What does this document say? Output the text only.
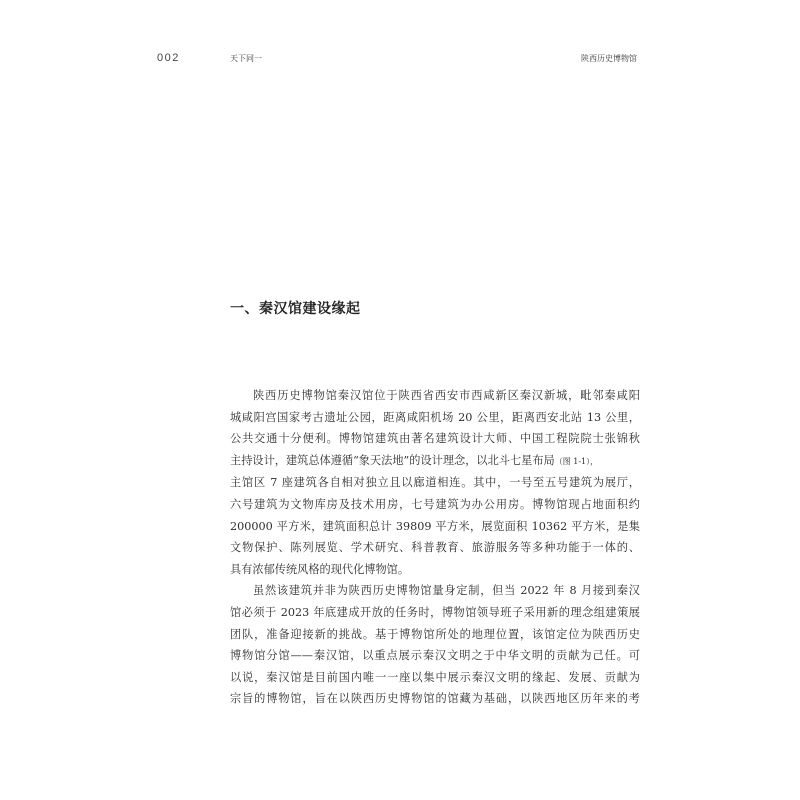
002	天下同一	陕西历史博物馆
一、秦汉馆建设缘起

陕西历史博物馆秦汉馆位于陕西省西安市西咸新区秦汉新城，毗邻秦咸阳
城咸阳宫国家考古遗址公园，距离咸阳机场 20 公里，距离西安北站 13 公里，
公共交通十分便利。博物馆建筑由著名建筑设计大师、中国工程院院士张锦秋
主持设计，建筑总体遵循“象天法地”的设计理念，以北斗七星布局（图 1-1），
主馆区 7 座建筑各自相对独立且以廊道相连。其中，一号至五号建筑为展厅，
六号建筑为文物库房及技术用房，七号建筑为办公用房。博物馆现占地面积约
200000 平方米，建筑面积总计 39809 平方米，展览面积 10362 平方米，是集
文物保护、陈列展览、学术研究、科普教育、旅游服务等多种功能于一体的、
具有浓郁传统风格的现代化博物馆。

虽然该建筑并非为陕西历史博物馆量身定制，但当 2022 年 8 月接到秦汉
馆必须于 2023 年底建成开放的任务时，博物馆领导班子采用新的理念组建策展
团队，准备迎接新的挑战。基于博物馆所处的地理位置，该馆定位为陕西历史
博物馆分馆——秦汉馆，以重点展示秦汉文明之于中华文明的贡献为己任。可
以说，秦汉馆是目前国内唯一一座以集中展示秦汉文明的缘起、发展、贡献为
宗旨的博物馆，旨在以陕西历史博物馆的馆藏为基础，以陕西地区历年来的考
